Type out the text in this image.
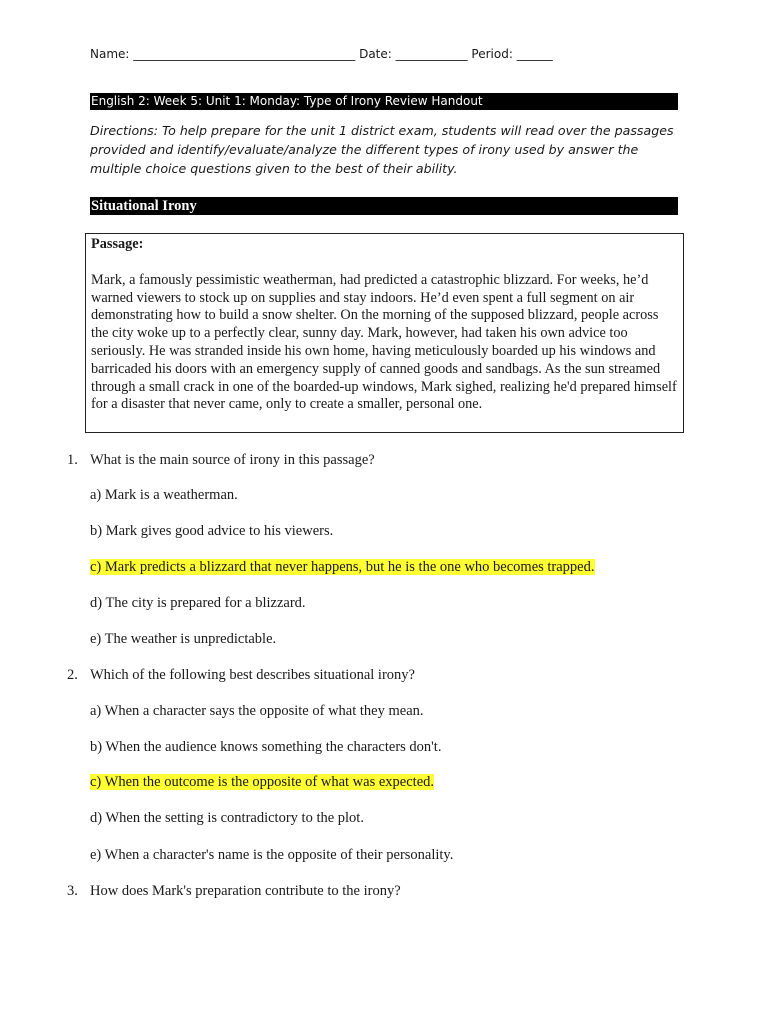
Name: _____________________________________ Date: ____________ Period: ______
English 2: Week 5: Unit 1: Monday: Type of Irony Review Handout
Directions: To help prepare for the unit 1 district exam, students will read over the passages provided and identify/evaluate/analyze the different types of irony used by answer the multiple choice questions given to the best of their ability.
Situational Irony
Passage:
Mark, a famously pessimistic weatherman, had predicted a catastrophic blizzard. For weeks, he’d warned viewers to stock up on supplies and stay indoors. He’d even spent a full segment on air demonstrating how to build a snow shelter. On the morning of the supposed blizzard, people across the city woke up to a perfectly clear, sunny day. Mark, however, had taken his own advice too seriously. He was stranded inside his own home, having meticulously boarded up his windows and barricaded his doors with an emergency supply of canned goods and sandbags. As the sun streamed through a small crack in one of the boarded-up windows, Mark sighed, realizing he'd prepared himself for a disaster that never came, only to create a smaller, personal one.
1. What is the main source of irony in this passage?
a) Mark is a weatherman.
b) Mark gives good advice to his viewers.
c) Mark predicts a blizzard that never happens, but he is the one who becomes trapped.
d) The city is prepared for a blizzard.
e) The weather is unpredictable.
2. Which of the following best describes situational irony?
a) When a character says the opposite of what they mean.
b) When the audience knows something the characters don't.
c) When the outcome is the opposite of what was expected.
d) When the setting is contradictory to the plot.
e) When a character's name is the opposite of their personality.
3. How does Mark's preparation contribute to the irony?
